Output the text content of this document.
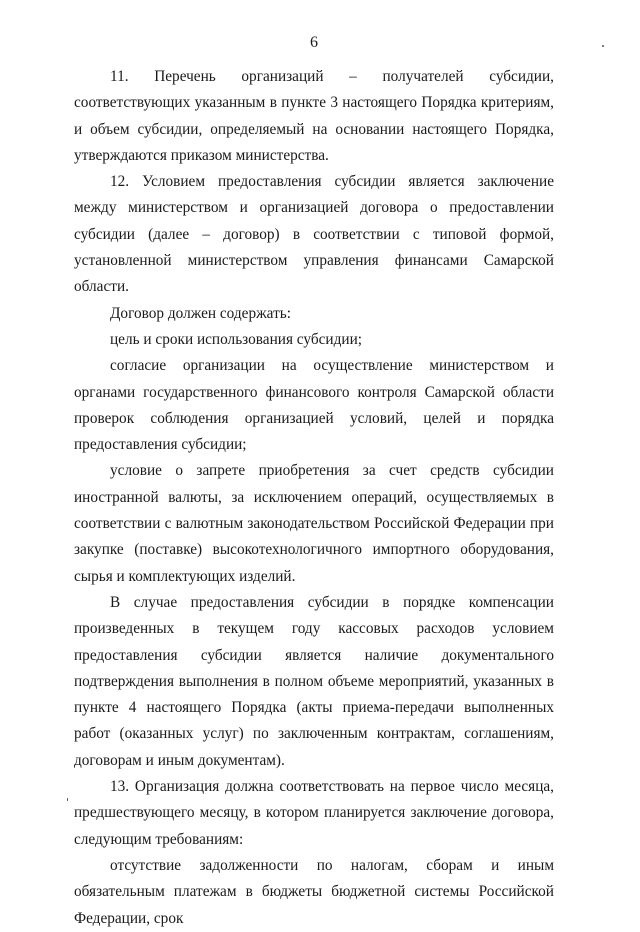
6

11. Перечень организаций – получателей субсидии, соответствующих указанным в пункте 3 настоящего Порядка критериям, и объем субсидии, определяемый на основании настоящего Порядка, утверждаются приказом министерства.

12. Условием предоставления субсидии является заключение между министерством и организацией договора о предоставлении субсидии (далее – договор) в соответствии с типовой формой, установленной министерством управления финансами Самарской области.

Договор должен содержать:

цель и сроки использования субсидии;

согласие организации на осуществление министерством и органами государственного финансового контроля Самарской области проверок соблюдения организацией условий, целей и порядка предоставления субсидии;

условие о запрете приобретения за счет средств субсидии иностранной валюты, за исключением операций, осуществляемых в соответствии с валютным законодательством Российской Федерации при закупке (поставке) высокотехнологичного импортного оборудования, сырья и комплектующих изделий.

В случае предоставления субсидии в порядке компенсации произведенных в текущем году кассовых расходов условием предоставления субсидии является наличие документального подтверждения выполнения в полном объеме мероприятий, указанных в пункте 4 настоящего Порядка (акты приема-передачи выполненных работ (оказанных услуг) по заключенным контрактам, соглашениям, договорам и иным документам).

13. Организация должна соответствовать на первое число месяца, предшествующего месяцу, в котором планируется заключение договора, следующим требованиям:

отсутствие задолженности по налогам, сборам и иным обязательным платежам в бюджеты бюджетной системы Российской Федерации, срок
